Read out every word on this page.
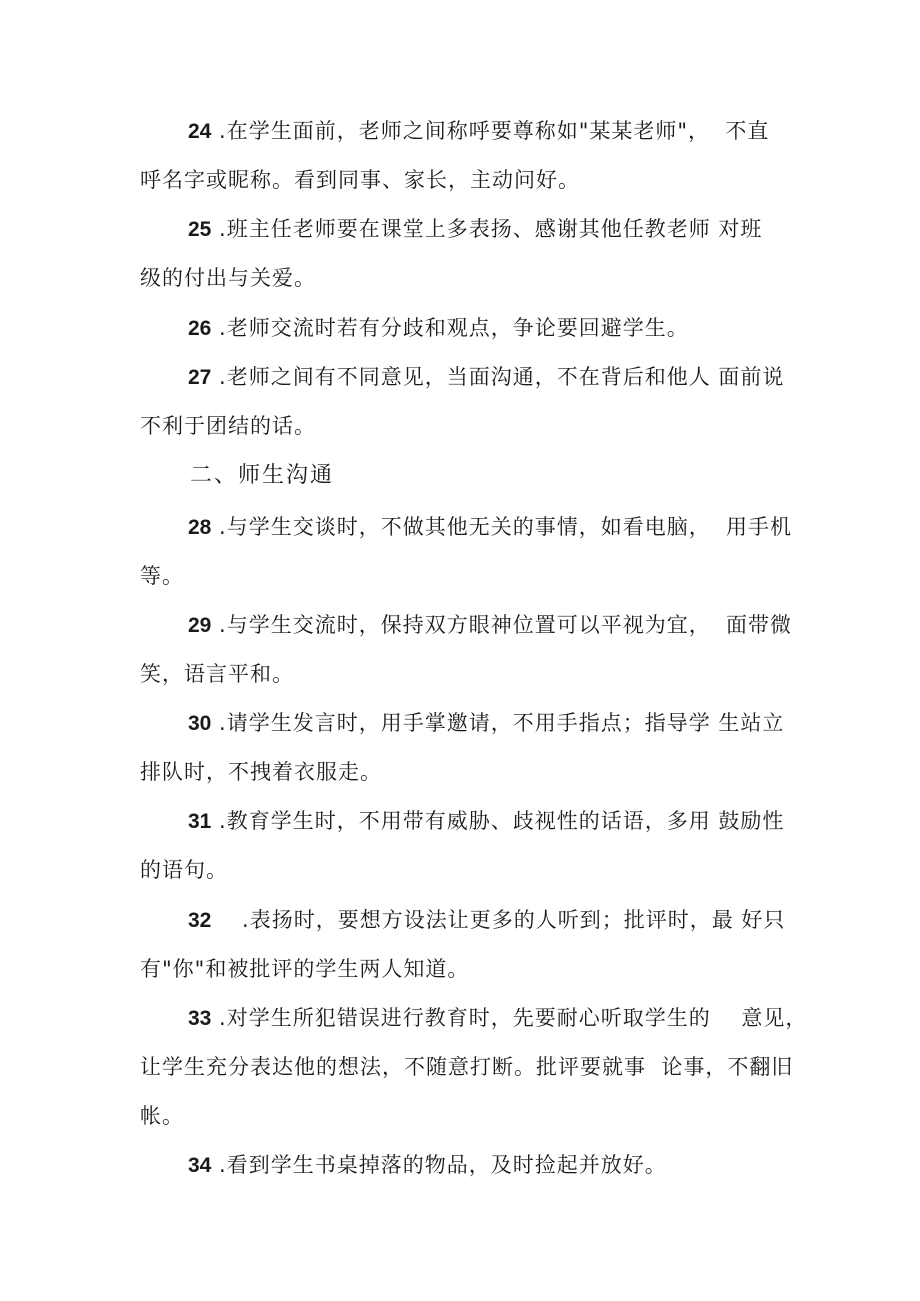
24 .在学生面前，老师之间称呼要尊称如"某某老师"，  不直
呼名字或昵称。看到同事、家长，主动问好。
25 .班主任老师要在课堂上多表扬、感谢其他任教老师 对班
级的付出与关爱。
26 .老师交流时若有分歧和观点，争论要回避学生。
27 .老师之间有不同意见，当面沟通，不在背后和他人 面前说
不利于团结的话。
二、师生沟通
28 .与学生交谈时，不做其他无关的事情，如看电脑，  用手机
等。
29 .与学生交流时，保持双方眼神位置可以平视为宜，  面带微
笑，语言平和。
30 .请学生发言时，用手掌邀请，不用手指点；指导学 生站立
排队时，不拽着衣服走。
31 .教育学生时，不用带有威胁、歧视性的话语，多用 鼓励性
的语句。
32    .表扬时，要想方设法让更多的人听到；批评时，最 好只
有"你"和被批评的学生两人知道。
33 .对学生所犯错误进行教育时，先要耐心听取学生的    意见，
让学生充分表达他的想法，不随意打断。批评要就事  论事，不翻旧
帐。
34 .看到学生书桌掉落的物品，及时捡起并放好。
